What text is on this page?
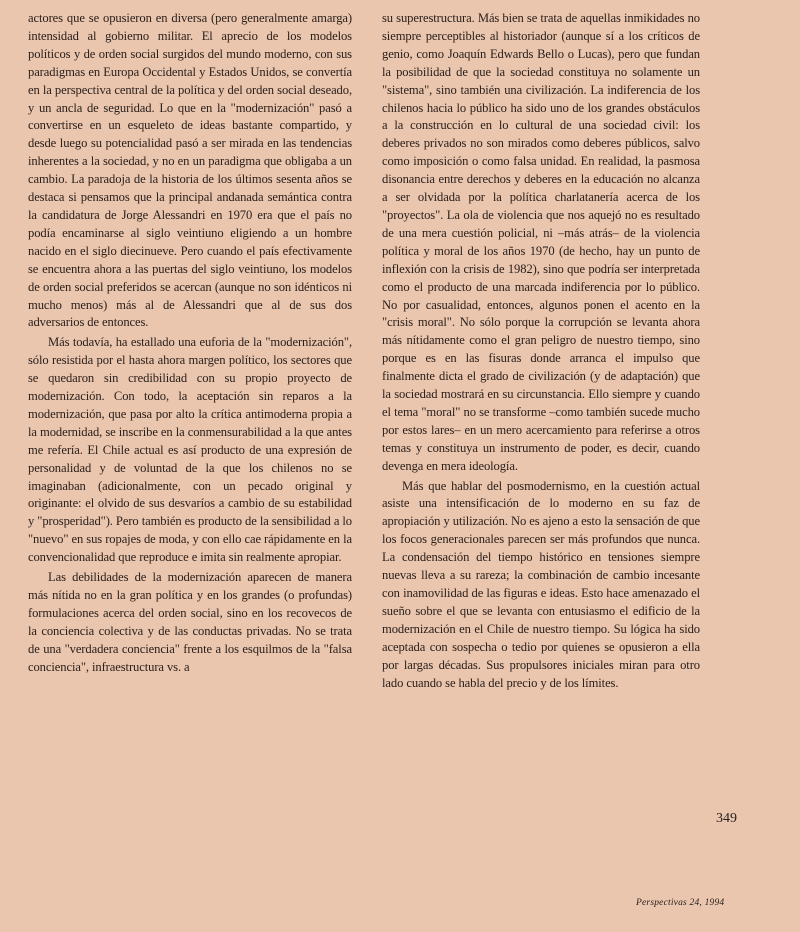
actores que se opusieron en diversa (pero generalmente amarga) intensidad al gobierno militar. El aprecio de los modelos políticos y de orden social surgidos del mundo moderno, con sus paradigmas en Europa Occidental y Estados Unidos, se convertía en la perspectiva central de la política y del orden social deseado, y un ancla de seguridad. Lo que en la "modernización" pasó a convertirse en un esqueleto de ideas bastante compartido, y desde luego su potencialidad pasó a ser mirada en las tendencias inherentes a la sociedad, y no en un paradigma que obligaba a un cambio. La paradoja de la historia de los últimos sesenta años se destaca si pensamos que la principal andanada semántica contra la candidatura de Jorge Alessandri en 1970 era que el país no podía encaminarse al siglo veintiuno eligiendo a un hombre nacido en el siglo diecinueve. Pero cuando el país efectivamente se encuentra ahora a las puertas del siglo veintiuno, los modelos de orden social preferidos se acercan (aunque no son idénticos ni mucho menos) más al de Alessandri que al de sus dos adversarios de entonces.

Más todavía, ha estallado una euforia de la "modernización", sólo resistida por el hasta ahora margen político, los sectores que se quedaron sin credibilidad con su propio proyecto de modernización. Con todo, la aceptación sin reparos a la modernización, que pasa por alto la crítica antimoderna propia a la modernidad, se inscribe en la conmensurabilidad a la que antes me refería. El Chile actual es así producto de una expresión de personalidad y de voluntad de la que los chilenos no se imaginaban (adicionalmente, con un pecado original y originante: el olvido de sus desvaríos a cambio de su estabilidad y "prosperidad"). Pero también es producto de la sensibilidad a lo "nuevo" en sus ropajes de moda, y con ello cae rápidamente en la convencionalidad que reproduce e imita sin realmente apropiar.

Las debilidades de la modernización aparecen de manera más nítida no en la gran política y en los grandes (o profundas) formulaciones acerca del orden social, sino en los recovecos de la conciencia colectiva y de las conductas privadas. No se trata de una "verdadera conciencia" frente a los esquilmos de la "falsa conciencia", infraestructura vs. a

su superestructura. Más bien se trata de aquellas inmikidades no siempre perceptibles al historiador (aunque sí a los críticos de genio, como Joaquín Edwards Bello o Lucas), pero que fundan la posibilidad de que la sociedad constituya no solamente un "sistema", sino también una civilización. La indiferencia de los chilenos hacia lo público ha sido uno de los grandes obstáculos a la construcción en lo cultural de una sociedad civil: los deberes privados no son mirados como deberes públicos, salvo como imposición o como falsa unidad. En realidad, la pasmosa disonancia entre derechos y deberes en la educación no alcanza a ser olvidada por la política charlatanería acerca de los "proyectos". La ola de violencia que nos aquejó no es resultado de una mera cuestión policial, ni –más atrás– de la violencia política y moral de los años 1970 (de hecho, hay un punto de inflexión con la crisis de 1982), sino que podría ser interpretada como el producto de una marcada indiferencia por lo público. No por casualidad, entonces, algunos ponen el acento en la "crisis moral". No sólo porque la corrupción se levanta ahora más nítidamente como el gran peligro de nuestro tiempo, sino porque es en las fisuras donde arranca el impulso que finalmente dicta el grado de civilización (y de adaptación) que la sociedad mostrará en su circunstancia. Ello siempre y cuando el tema "moral" no se transforme –como también sucede mucho por estos lares– en un mero acercamiento para referirse a otros temas y constituya un instrumento de poder, es decir, cuando devenga en mera ideología.

Más que hablar del posmodernismo, en la cuestión actual asiste una intensificación de lo moderno en su faz de apropiación y utilización. No es ajeno a esto la sensación de que los focos generacionales parecen ser más profundos que nunca. La condensación del tiempo histórico en tensiones siempre nuevas lleva a su rareza; la combinación de cambio incesante con inamovilidad de las figuras e ideas. Esto hace amenazado el sueño sobre el que se levanta con entusiasmo el edificio de la modernización en el Chile de nuestro tiempo. Su lógica ha sido aceptada con sospecha o tedio por quienes se opusieron a ella por largas décadas. Sus propulsores iniciales miran para otro lado cuando se habla del precio y de los límites.

349
Perspectivas 24, 1994
